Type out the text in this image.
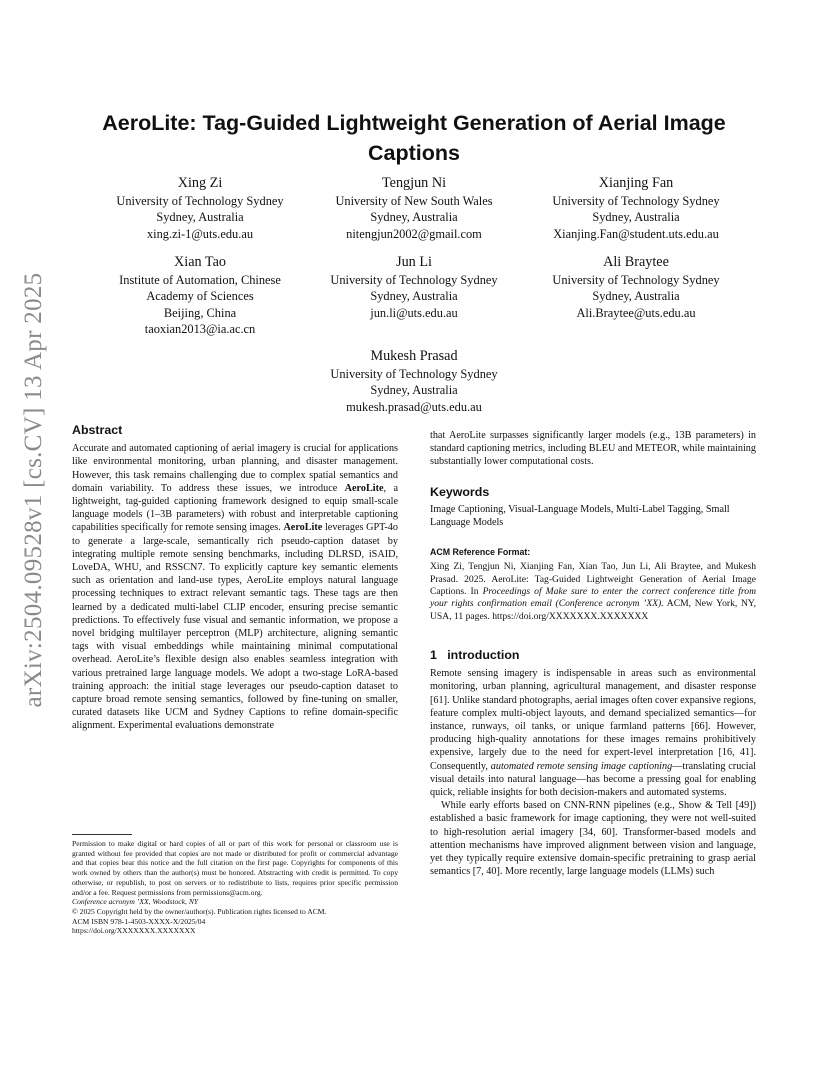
arXiv:2504.09528v1 [cs.CV] 13 Apr 2025
AeroLite: Tag-Guided Lightweight Generation of Aerial Image Captions
Xing Zi
University of Technology Sydney
Sydney, Australia
xing.zi-1@uts.edu.au
Tengjun Ni
University of New South Wales
Sydney, Australia
nitengjun2002@gmail.com
Xianjing Fan
University of Technology Sydney
Sydney, Australia
Xianjing.Fan@student.uts.edu.au
Xian Tao
Institute of Automation, Chinese
Academy of Sciences
Beijing, China
taoxian2013@ia.ac.cn
Jun Li
University of Technology Sydney
Sydney, Australia
jun.li@uts.edu.au
Ali Braytee
University of Technology Sydney
Sydney, Australia
Ali.Braytee@uts.edu.au
Mukesh Prasad
University of Technology Sydney
Sydney, Australia
mukesh.prasad@uts.edu.au
Abstract

Accurate and automated captioning of aerial imagery is crucial for applications like environmental monitoring, urban planning, and disaster management. However, this task remains challenging due to complex spatial semantics and domain variability. To address these issues, we introduce AeroLite, a lightweight, tag-guided captioning framework designed to equip small-scale language models (1–3B parameters) with robust and interpretable captioning capabilities specifically for remote sensing images. AeroLite leverages GPT-4o to generate a large-scale, semantically rich pseudo-caption dataset by integrating multiple remote sensing benchmarks, including DLRSD, iSAID, LoveDA, WHU, and RSSCN7. To explicitly capture key semantic elements such as orientation and land-use types, AeroLite employs natural language processing techniques to extract relevant semantic tags. These tags are then learned by a dedicated multi-label CLIP encoder, ensuring precise semantic predictions. To effectively fuse visual and semantic information, we propose a novel bridging multilayer perceptron (MLP) architecture, aligning semantic tags with visual embeddings while maintaining minimal computational overhead. AeroLite’s flexible design also enables seamless integration with various pretrained large language models. We adopt a two-stage LoRA-based training approach: the initial stage leverages our pseudo-caption dataset to capture broad remote sensing semantics, followed by fine-tuning on smaller, curated datasets like UCM and Sydney Captions to refine domain-specific alignment. Experimental evaluations demonstrate

Permission to make digital or hard copies of all or part of this work for personal or classroom use is granted without fee provided that copies are not made or distributed for profit or commercial advantage and that copies bear this notice and the full citation on the first page. Copyrights for components of this work owned by others than the author(s) must be honored. Abstracting with credit is permitted. To copy otherwise, or republish, to post on servers or to redistribute to lists, requires prior specific permission and/or a fee. Request permissions from permissions@acm.org.

Conference acronym ’XX, Woodstock, NY

© 2025 Copyright held by the owner/author(s). Publication rights licensed to ACM.

ACM ISBN 978-1-4503-XXXX-X/2025/04

https://doi.org/XXXXXXX.XXXXXXX

that AeroLite surpasses significantly larger models (e.g., 13B parameters) in standard captioning metrics, including BLEU and METEOR, while maintaining substantially lower computational costs.

Keywords

Image Captioning, Visual-Language Models, Multi-Label Tagging, Small Language Models

ACM Reference Format:

Xing Zi, Tengjun Ni, Xianjing Fan, Xian Tao, Jun Li, Ali Braytee, and Mukesh Prasad. 2025. AeroLite: Tag-Guided Lightweight Generation of Aerial Image Captions. In Proceedings of Make sure to enter the correct conference title from your rights confirmation email (Conference acronym ’XX). ACM, New York, NY, USA, 11 pages. https://doi.org/XXXXXXX.XXXXXXX

1   introduction

Remote sensing imagery is indispensable in areas such as environmental monitoring, urban planning, agricultural management, and disaster response [61]. Unlike standard photographs, aerial images often cover expansive regions, feature complex multi-object layouts, and demand specialized semantics—for instance, runways, oil tanks, or unique farmland patterns [66]. However, producing high-quality annotations for these images remains prohibitively expensive, largely due to the need for expert-level interpretation [16, 41]. Consequently, automated remote sensing image captioning—translating crucial visual details into natural language—has become a pressing goal for enabling quick, reliable insights for both decision-makers and automated systems.

While early efforts based on CNN-RNN pipelines (e.g., Show & Tell [49]) established a basic framework for image captioning, they were not well-suited to high-resolution aerial imagery [34, 60]. Transformer-based models and attention mechanisms have improved alignment between vision and language, yet they typically require extensive domain-specific pretraining to grasp aerial semantics [7, 40]. More recently, large language models (LLMs) such
